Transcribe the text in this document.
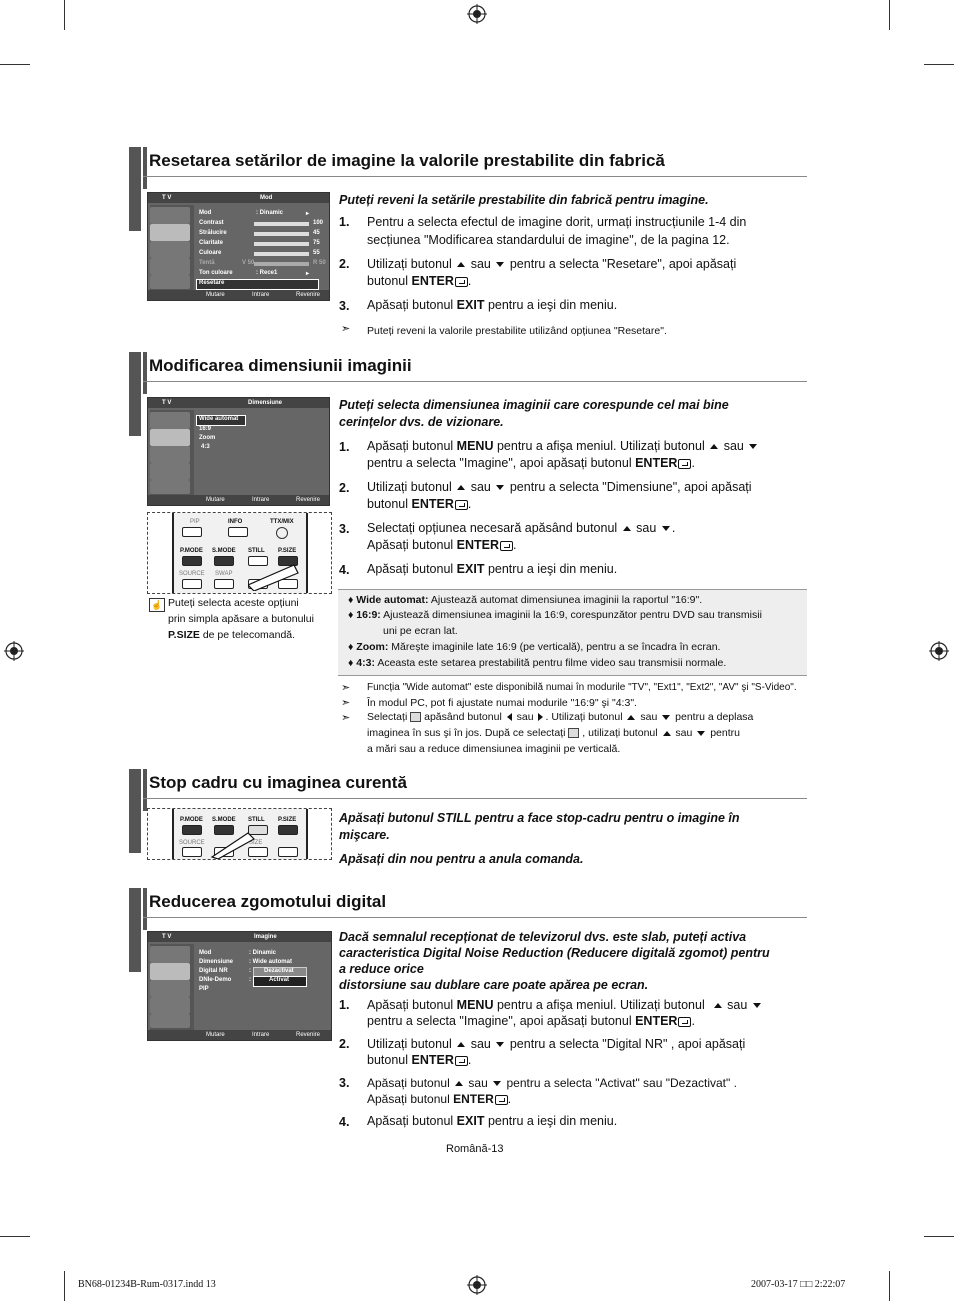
Resetarea setărilor de imagine la valorile prestabilite din fabrică
T V	Mod
Mod	: Dinamic	▸
Contrast	100
Strălucire	45
Claritate	75
Culoare	55
Tentă	V 50	R 50
Ton culoare	: Rece1	▸
Resetare
Mutare	Intrare	Revenire
Puteți reveni la setările prestabilite din fabrică pentru imagine.
1. Pentru a selecta efectul de imagine dorit, urmați instrucțiunile 1-4 din
secțiunea "Modificarea standardului de imagine", de la pagina 12.
2. Utilizați butonul sau pentru a selecta "Resetare", apoi apăsați
butonul ENTER .
3. Apăsați butonul EXIT pentru a ieşi din meniu.
➣ Puteți reveni la valorile prestabilite utilizând opțiunea "Resetare".
Modificarea dimensiunii imaginii
T V	Dimensiune
Wide automat
16:9
Zoom
4:3
Mutare	Intrare	Revenire
PIP	INFO	TTX/MIX
P.MODE S.MODE STILL P.SIZE
SOURCE SWAP
☝ Puteți selecta aceste opțiuni
prin simpla apăsare a butonului
P.SIZE de pe telecomandă.
Puteți selecta dimensiunea imaginii care corespunde cel mai bine
cerințelor dvs. de vizionare.
1. Apăsați butonul MENU pentru a afişa meniul. Utilizați butonul sau
pentru a selecta "Imagine", apoi apăsați butonul ENTER .
2. Utilizați butonul sau pentru a selecta "Dimensiune", apoi apăsați
butonul ENTER .
3. Selectați opțiunea necesară apăsând butonul sau .
Apăsați butonul ENTER .
4. Apăsați butonul EXIT pentru a ieşi din meniu.
♦ Wide automat: Ajustează automat dimensiunea imaginii la raportul "16:9".
♦ 16:9: Ajustează dimensiunea imaginii la 16:9, corespunzător pentru DVD sau transmisii
uni pe ecran lat.
♦ Zoom: Măreşte imaginile late 16:9 (pe verticală), pentru a se încadra în ecran.
♦ 4:3: Aceasta este setarea prestabilită pentru filme video sau transmisii normale.
➣ Funcția "Wide automat" este disponibilă numai în modurile "TV", "Ext1", "Ext2", "AV" şi "S-Video".
➣ În modul PC, pot fi ajustate numai modurile "16:9" şi "4:3".
➣ Selectați apăsând butonul sau . Utilizați butonul sau pentru a deplasa
imaginea în sus şi în jos. După ce selectați , utilizați butonul sau pentru
a mări sau a reduce dimensiunea imaginii pe verticală.
Stop cadru cu imaginea curentă
P.MODE S.MODE STILL P.SIZE
SOURCE	SIZE
Apăsați butonul STILL pentru a face stop-cadru pentru o imagine în
mişcare.
Apăsați din nou pentru a anula comanda.
Reducerea zgomotului digital
T V	Imagine
Mod	: Dinamic
Dimensiune	: Wide automat
Digital NR	:
DNIe-Demo	:
PIP
Dezactivat
Activat
Mutare	Intrare	Revenire
Dacă semnalul recepționat de televizorul dvs. este slab, puteți activa
caracteristica Digital Noise Reduction (Reducere digitală zgomot) pentru
a reduce orice
distorsiune sau dublare care poate apărea pe ecran.
1. Apăsați butonul MENU pentru a afişa meniul. Utilizați butonul sau
pentru a selecta "Imagine", apoi apăsați butonul ENTER .
2. Utilizați butonul sau pentru a selecta "Digital NR" , apoi apăsați
butonul ENTER .
3. Apăsați butonul sau pentru a selecta "Activat" sau "Dezactivat" .
Apăsați butonul ENTER .
4. Apăsați butonul EXIT pentru a ieşi din meniu.
Română-13
BN68-01234B-Rum-0317.indd 13	2007-03-17 □□ 2:22:07
